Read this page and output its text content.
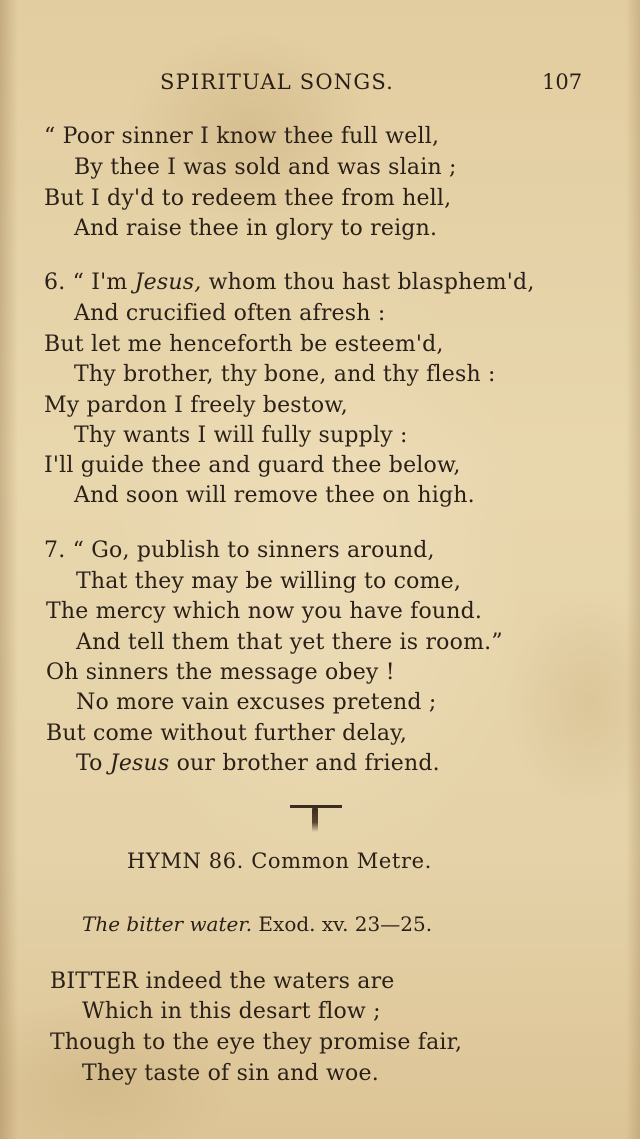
SPIRITUAL SONGS.	107
“ Poor sinner I know thee full well,
By thee I was sold and was slain ;
But I dy'd to redeem thee from hell,
And raise thee in glory to reign.
6. “ I'm Jesus, whom thou hast blasphem'd,
And crucified often afresh :
But let me henceforth be esteem'd,
Thy brother, thy bone, and thy flesh :
My pardon I freely bestow,
Thy wants I will fully supply :
I'll guide thee and guard thee below,
And soon will remove thee on high.
7. “ Go, publish to sinners around,
That they may be willing to come,
The mercy which now you have found.
And tell them that yet there is room.”
Oh sinners the message obey !
No more vain excuses pretend ;
But come without further delay,
To Jesus our brother and friend.
HYMN 86. Common Metre.
The bitter water. Exod. xv. 23—25.
BITTER indeed the waters are
Which in this desart flow ;
Though to the eye they promise fair,
They taste of sin and woe.
